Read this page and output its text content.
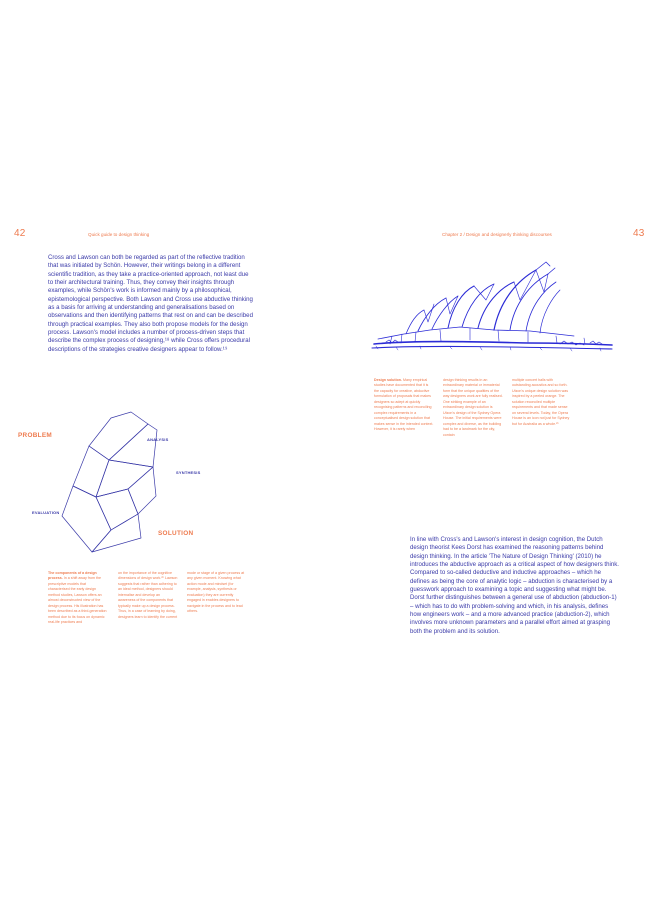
42	Quick guide to design thinking

Cross and Lawson can both be regarded as part of the reflective tradition that was initiated by Schön. However, their writings belong in a different scientific tradition, as they take a practice-oriented approach, not least due to their architectural training. Thus, they convey their insights through examples, while Schön's work is informed mainly by a philosophical, epistemological perspective. Both Lawson and Cross use abductive thinking as a basis for arriving at understanding and generalisations based on observations and then identifying patterns that rest on and can be described through practical examples. They also both propose models for the design process. Lawson's model includes a number of process-driven steps that describe the complex process of designing,¹⁸ while Cross offers procedural descriptions of the strategies creative designers appear to follow.¹⁹

PROBLEM
ANALYSIS
SYNTHESIS
EVALUATION
SOLUTION

The components of a design process. In a shift away from the prescriptive models that characterised the early design method studies, Lawson offers an almost deconstructed view of the design process. His illustration has been described as a third-generation method due to its focus on dynamic real-life practices and

on the importance of the cognitive dimensions of design work.²⁰ Lawson suggests that rather than adhering to an ideal method, designers should internalise and develop an awareness of the components that typically make up a design process. Thus, in a case of learning by doing, designers learn to identify the current

mode or stage of a given process at any given moment. Knowing what action mode and mindset (for example, analysis, synthesis or evaluation) they are currently engaged in enables designers to navigate in the process and to lead others.

Chapter 2 / Design and designerly thinking discourses	43

Design solution. Many empirical studies have documented that it is the capacity for creative, abductive formulation of proposals that makes designers so adept at quickly recognising patterns and reconciling complex requirements in a conceptualised design solution that makes sense in the intended context. However, it is rarely when

design thinking results in an extraordinary material or immaterial form that the unique qualities of the way designers work are fully realised. One striking example of an extraordinary design solution is Utzon's design of the Sydney Opera House. The initial requirements were complex and diverse, as the building had to be a landmark for the city, contain

multiple concert halls with outstanding acoustics and so forth. Utzon's unique design solution was inspired by a peeled orange. The solution reconciled multiple requirements and that made sense on several levels. Today, the Opera House is an icon not just for Sydney but for Australia as a whole.²¹

In line with Cross's and Lawson's interest in design cognition, the Dutch design theorist Kees Dorst has examined the reasoning patterns behind design thinking. In the article 'The Nature of Design Thinking' (2010) he introduces the abductive approach as a critical aspect of how designers think. Compared to so-called deductive and inductive approaches – which he defines as being the core of analytic logic – abduction is characterised by a guesswork approach to examining a topic and suggesting what might be. Dorst further distinguishes between a general use of abduction (abduction-1) – which has to do with problem-solving and which, in his analysis, defines how engineers work – and a more advanced practice (abduction-2), which involves more unknown parameters and a parallel effort aimed at grasping both the problem and its solution.
